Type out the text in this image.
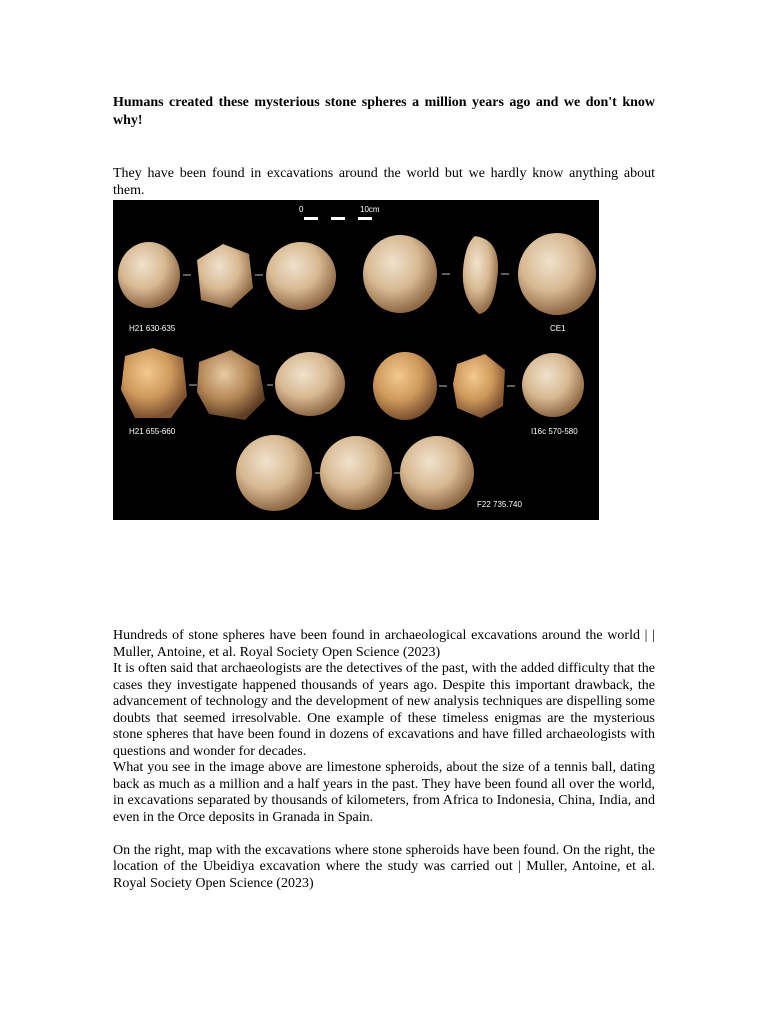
Humans created these mysterious stone spheres a million years ago and we don't know why!

They have been found in excavations around the world but we hardly know anything about them.

0	10cm
H21 630-635	CE1
H21 655-660	I16c 570-580
F22 735.740

Hundreds of stone spheres have been found in archaeological excavations around the world | | Muller, Antoine, et al. Royal Society Open Science (2023)

It is often said that archaeologists are the detectives of the past, with the added difficulty that the cases they investigate happened thousands of years ago. Despite this important drawback, the advancement of technology and the development of new analysis techniques are dispelling some doubts that seemed irresolvable. One example of these timeless enigmas are the mysterious stone spheres that have been found in dozens of excavations and have filled archaeologists with questions and wonder for decades.

What you see in the image above are limestone spheroids, about the size of a tennis ball, dating back as much as a million and a half years in the past. They have been found all over the world, in excavations separated by thousands of kilometers, from Africa to Indonesia, China, India, and even in the Orce deposits in Granada in Spain.

On the right, map with the excavations where stone spheroids have been found. On the right, the location of the Ubeidiya excavation where the study was carried out | Muller, Antoine, et al. Royal Society Open Science (2023)
